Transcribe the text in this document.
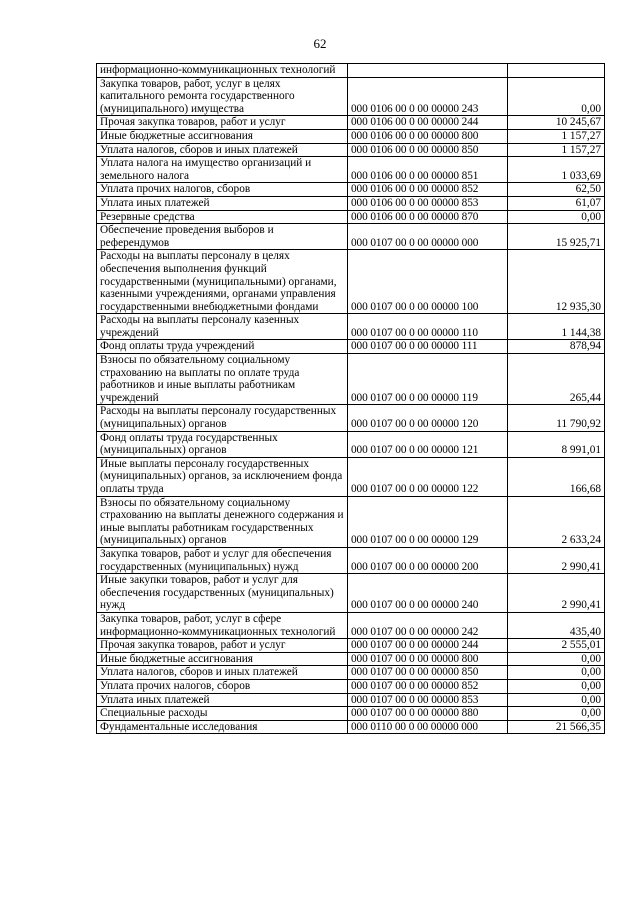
62
информационно-коммуникационных технологий		
Закупка товаров, работ, услуг в целях капитального ремонта государственного (муниципального) имущества	000 0106 00 0 00 00000 243	0,00
Прочая закупка товаров, работ и услуг	000 0106 00 0 00 00000 244	10 245,67
Иные бюджетные ассигнования	000 0106 00 0 00 00000 800	1 157,27
Уплата налогов, сборов и иных платежей	000 0106 00 0 00 00000 850	1 157,27
Уплата налога на имущество организаций и земельного налога	000 0106 00 0 00 00000 851	1 033,69
Уплата прочих налогов, сборов	000 0106 00 0 00 00000 852	62,50
Уплата иных платежей	000 0106 00 0 00 00000 853	61,07
Резервные средства	000 0106 00 0 00 00000 870	0,00
Обеспечение проведения выборов и референдумов	000 0107 00 0 00 00000 000	15 925,71
Расходы на выплаты персоналу в целях обеспечения выполнения функций государственными (муниципальными) органами, казенными учреждениями, органами управления государственными внебюджетными фондами	000 0107 00 0 00 00000 100	12 935,30
Расходы на выплаты персоналу казенных учреждений	000 0107 00 0 00 00000 110	1 144,38
Фонд оплаты труда учреждений	000 0107 00 0 00 00000 111	878,94
Взносы по обязательному социальному страхованию на выплаты по оплате труда работников и иные выплаты работникам учреждений	000 0107 00 0 00 00000 119	265,44
Расходы на выплаты персоналу государственных (муниципальных) органов	000 0107 00 0 00 00000 120	11 790,92
Фонд оплаты труда государственных (муниципальных) органов	000 0107 00 0 00 00000 121	8 991,01
Иные выплаты персоналу государственных (муниципальных) органов, за исключением фонда оплаты труда	000 0107 00 0 00 00000 122	166,68
Взносы по обязательному социальному страхованию на выплаты денежного содержания и иные выплаты работникам государственных (муниципальных) органов	000 0107 00 0 00 00000 129	2 633,24
Закупка товаров, работ и услуг для обеспечения государственных (муниципальных) нужд	000 0107 00 0 00 00000 200	2 990,41
Иные закупки товаров, работ и услуг для обеспечения государственных (муниципальных) нужд	000 0107 00 0 00 00000 240	2 990,41
Закупка товаров, работ, услуг в сфере информационно-коммуникационных технологий	000 0107 00 0 00 00000 242	435,40
Прочая закупка товаров, работ и услуг	000 0107 00 0 00 00000 244	2 555,01
Иные бюджетные ассигнования	000 0107 00 0 00 00000 800	0,00
Уплата налогов, сборов и иных платежей	000 0107 00 0 00 00000 850	0,00
Уплата прочих налогов, сборов	000 0107 00 0 00 00000 852	0,00
Уплата иных платежей	000 0107 00 0 00 00000 853	0,00
Специальные расходы	000 0107 00 0 00 00000 880	0,00
Фундаментальные исследования	000 0110 00 0 00 00000 000	21 566,35
